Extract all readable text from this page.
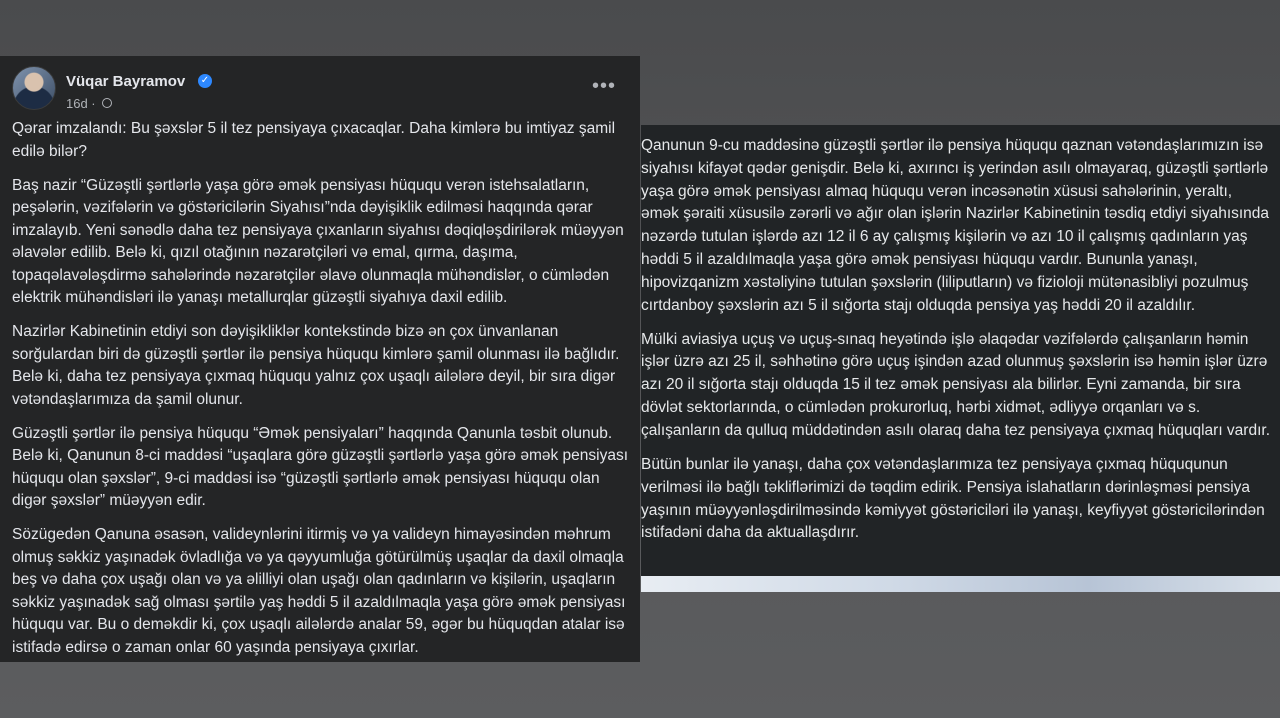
Vüqar Bayramov ✓
16d ·
•••

Qərar imzalandı: Bu şəxslər 5 il tez pensiyaya çıxacaqlar. Daha kimlərə bu imtiyaz şamil edilə bilər?

Baş nazir “Güzəştli şərtlərlə yaşa görə əmək pensiyası hüququ verən istehsalatların, peşələrin, vəzifələrin və göstəricilərin Siyahısı”nda dəyişiklik edilməsi haqqında qərar imzalayıb. Yeni sənədlə daha tez pensiyaya çıxanların siyahısı dəqiqləşdirilərək müəyyən əlavələr edilib. Belə ki, qızıl otağının nəzarətçiləri və emal, qırma, daşıma, topaqəlavələşdirmə sahələrində nəzarətçilər əlavə olunmaqla mühəndislər, o cümlədən elektrik mühəndisləri ilə yanaşı metallurqlar güzəştli siyahıya daxil edilib.

Nazirlər Kabinetinin etdiyi son dəyişikliklər kontekstində bizə ən çox ünvanlanan sorğulardan biri də güzəştli şərtlər ilə pensiya hüququ kimlərə şamil olunması ilə bağlıdır. Belə ki, daha tez pensiyaya çıxmaq hüququ yalnız çox uşaqlı ailələrə deyil, bir sıra digər vətəndaşlarımıza da şamil olunur.

Güzəştli şərtlər ilə pensiya hüququ “Əmək pensiyaları” haqqında Qanunla təsbit olunub. Belə ki, Qanunun 8-ci maddəsi “uşaqlara görə güzəştli şərtlərlə yaşa görə əmək pensiyası hüququ olan şəxslər”, 9-ci maddəsi isə “güzəştli şərtlərlə əmək pensiyası hüququ olan digər şəxslər” müəyyən edir.

Sözügedən Qanuna əsasən, valideynlərini itirmiş və ya valideyn himayəsindən məhrum olmuş səkkiz yaşınadək övladlığa və ya qəyyumluğa götürülmüş uşaqlar da daxil olmaqla beş və daha çox uşağı olan və ya əlilliyi olan uşağı olan qadınların və kişilərin, uşaqların səkkiz yaşınadək sağ olması şərtilə yaş həddi 5 il azaldılmaqla yaşa görə əmək pensiyası hüququ var. Bu o deməkdir ki, çox uşaqlı ailələrdə analar 59, əgər bu hüquqdan atalar isə istifadə edirsə o zaman onlar 60 yaşında pensiyaya çıxırlar.

Qanunun 9-cu maddəsinə güzəştli şərtlər ilə pensiya hüququ qaznan vətəndaşlarımızın isə siyahısı kifayət qədər genişdir. Belə ki, axırıncı iş yerindən asılı olmayaraq, güzəştli şərtlərlə yaşa görə əmək pensiyası almaq hüququ verən incəsənətin xüsusi sahələrinin, yeraltı, əmək şəraiti xüsusilə zərərli və ağır olan işlərin Nazirlər Kabinetinin təsdiq etdiyi siyahısında nəzərdə tutulan işlərdə azı 12 il 6 ay çalışmış kişilərin və azı 10 il çalışmış qadınların yaş həddi 5 il azaldılmaqla yaşa görə əmək pensiyası hüququ vardır. Bununla yanaşı, hipovizqanizm xəstəliyinə tutulan şəxslərin (liliputların) və fizioloji mütənasibliyi pozulmuş cırtdanboy şəxslərin azı 5 il sığorta stajı olduqda pensiya yaş həddi 20 il azaldılır.

Mülki aviasiya uçuş və uçuş-sınaq heyətində işlə əlaqədar vəzifələrdə çalışanların həmin işlər üzrə azı 25 il, səhhətinə görə uçuş işindən azad olunmuş şəxslərin isə həmin işlər üzrə azı 20 il sığorta stajı olduqda 15 il tez əmək pensiyası ala bilirlər. Eyni zamanda, bir sıra dövlət sektorlarında, o cümlədən prokurorluq, hərbi xidmət, ədliyyə orqanları və s. çalışanların da qulluq müddətindən asılı olaraq daha tez pensiyaya çıxmaq hüquqları vardır.

Bütün bunlar ilə yanaşı, daha çox vətəndaşlarımıza tez pensiyaya çıxmaq hüququnun verilməsi ilə bağlı təkliflərimizi də təqdim edirik. Pensiya islahatların dərinləşməsi pensiya yaşının müəyyənləşdirilməsində kəmiyyət göstəriciləri ilə yanaşı, keyfiyyət göstəricilərindən istifadəni daha da aktuallaşdırır.
